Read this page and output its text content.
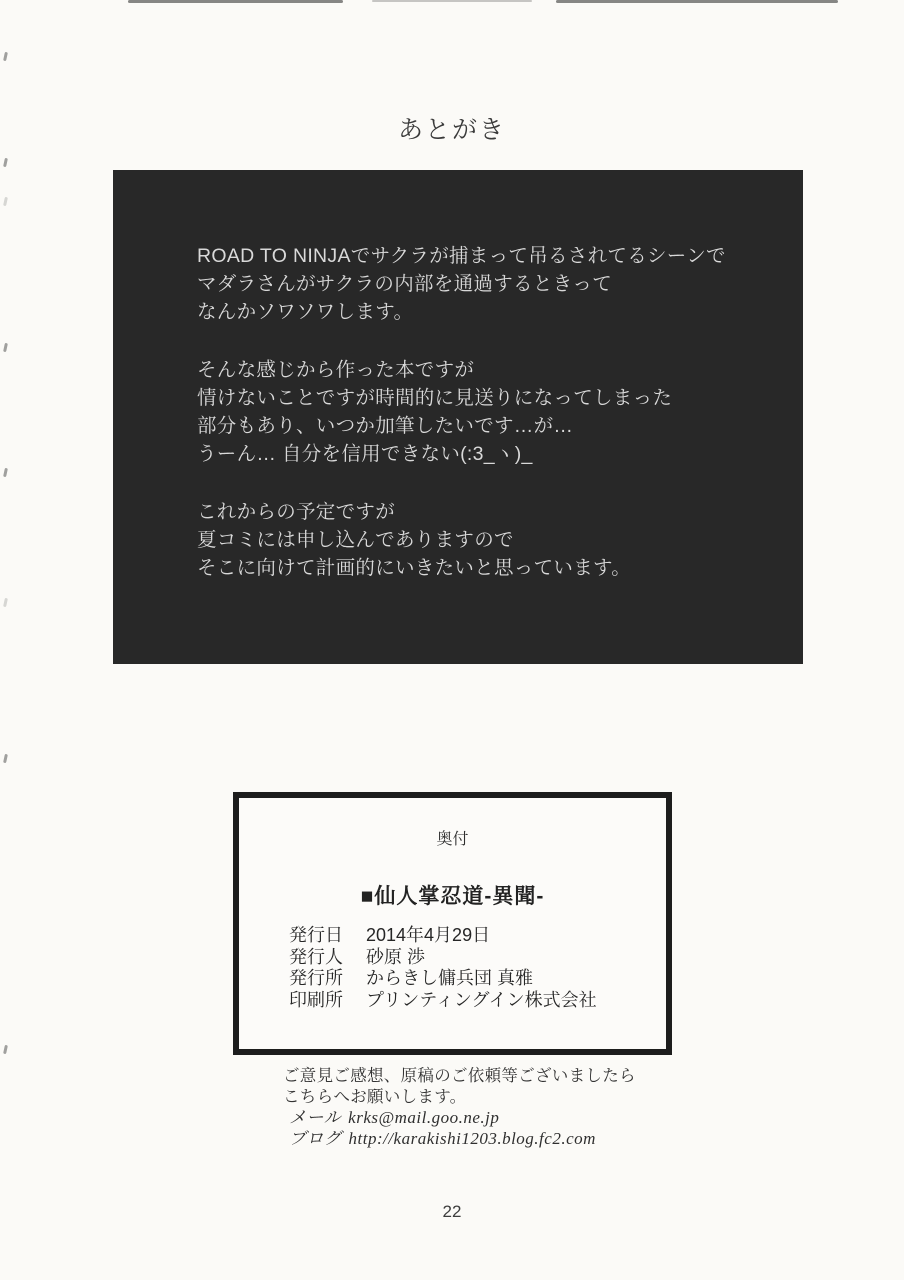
あとがき
ROAD TO NINJAでサクラが捕まって吊るされてるシーンで
マダラさんがサクラの内部を通過するときって
なんかソワソワします。
そんな感じから作った本ですが
情けないことですが時間的に見送りになってしまった
部分もあり、いつか加筆したいです…が…
うーん… 自分を信用できない(:3_ヽ)_
これからの予定ですが
夏コミには申し込んでありますので
そこに向けて計画的にいきたいと思っています。
奥付
■仙人掌忍道-異聞-
発行日	2014年4月29日
発行人	砂原 渉
発行所	からきし傭兵団 真雅
印刷所	プリンティングイン株式会社
ご意見ご感想、原稿のご依頼等ございましたら
こちらへお願いします。
メール krks@mail.goo.ne.jp
ブログ http://karakishi1203.blog.fc2.com
22
